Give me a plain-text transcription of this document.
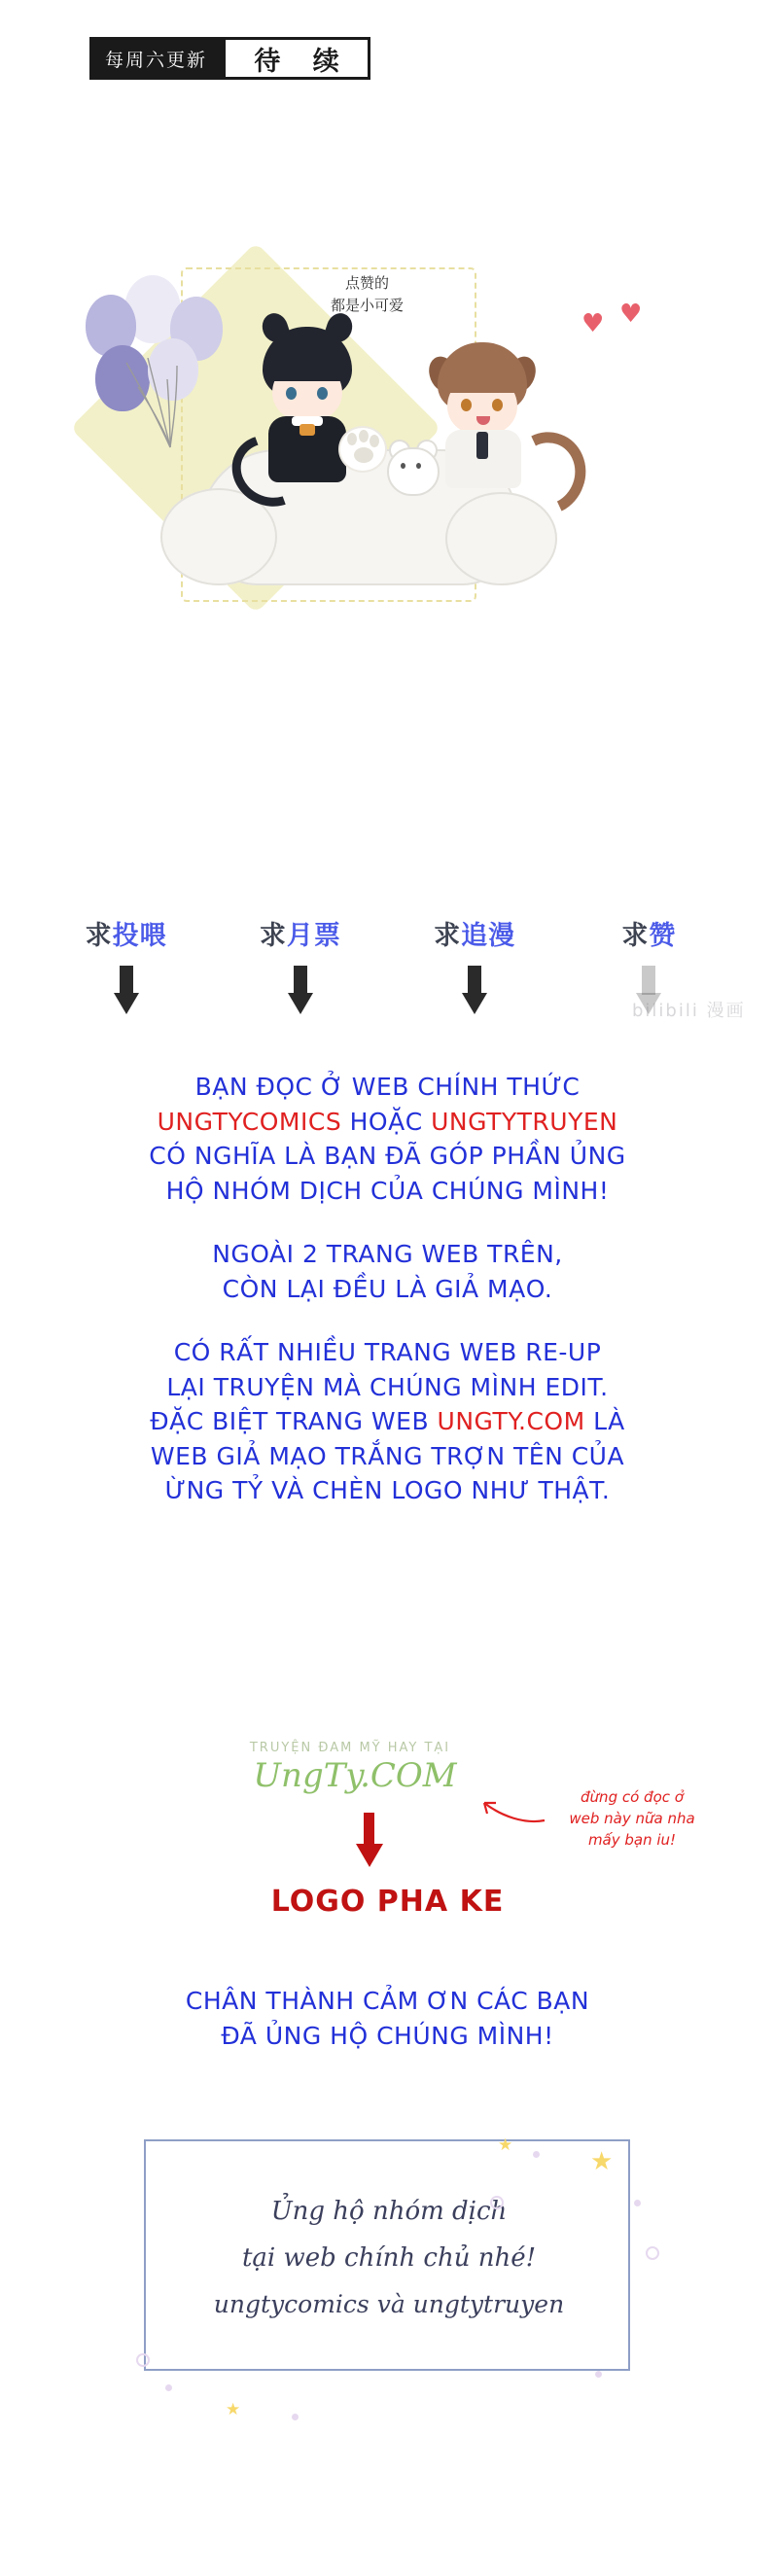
每周六更新	待 续
点赞的
都是小可爱
♥ ♥
求投喂	求月票	求追漫	求赞
bilibili 漫画
BẠN ĐỌC Ở WEB CHÍNH THỨC
UNGTYCOMICS HOẶC UNGTYTRUYEN
CÓ NGHĨA LÀ BẠN ĐÃ GÓP PHẦN ỦNG
HỘ NHÓM DỊCH CỦA CHÚNG MÌNH!
NGOÀI 2 TRANG WEB TRÊN,
CÒN LẠI ĐỀU LÀ GIẢ MẠO.
CÓ RẤT NHIỀU TRANG WEB RE-UP
LẠI TRUYỆN MÀ CHÚNG MÌNH EDIT.
ĐẶC BIỆT TRANG WEB UNGTY.COM LÀ
WEB GIẢ MẠO TRẮNG TRỢN TÊN CỦA
ỪNG TỶ VÀ CHÈN LOGO NHƯ THẬT.
TRUYỆN ĐAM MỸ HAY TẠI
UngTy.COM
đừng có đọc ở
web này nữa nha
mấy bạn iu!
LOGO PHA KE
CHÂN THÀNH CẢM ƠN CÁC BẠN
ĐÃ ỦNG HỘ CHÚNG MÌNH!
Ủng hộ nhóm dịch
tại web chính chủ nhé!
ungtycomics và ungtytruyen
★
★
★
